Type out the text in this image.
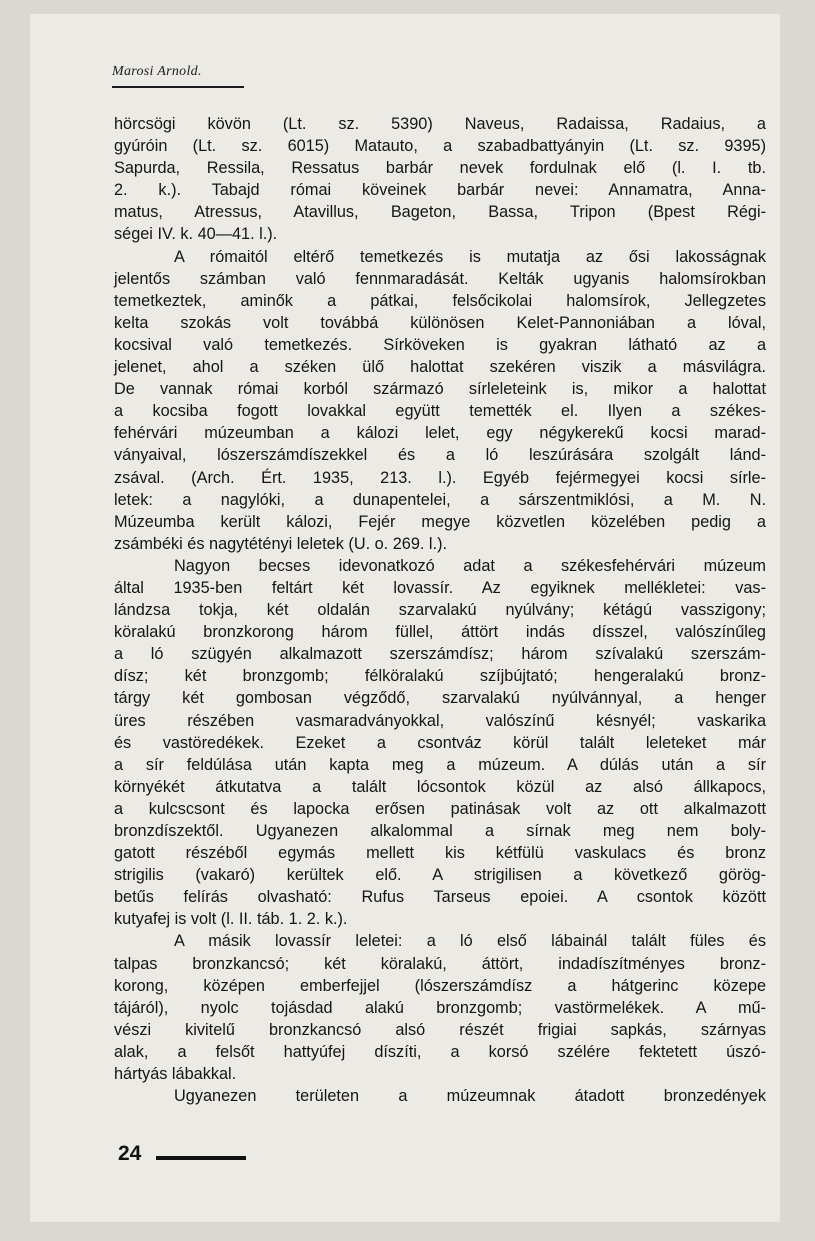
Marosi Arnold.

hörcsögi kövön (Lt. sz. 5390) Naveus, Radaissa, Radaius, a
gyúróin (Lt. sz. 6015) Matauto, a szabadbattyányin (Lt. sz. 9395)
Sapurda, Ressila, Ressatus barbár nevek fordulnak elő (l. I. tb.
2. k.). Tabajd római köveinek barbár nevei: Annamatra, Anna-
matus, Atressus, Atavillus, Bageton, Bassa, Tripon (Bpest Régi-
ségei IV. k. 40—41. l.).

A rómaitól eltérő temetkezés is mutatja az ősi lakosságnak
jelentős számban való fennmaradását. Kelták ugyanis halomsírokban
temetkeztek, aminők a pátkai, felsőcikolai halomsírok, Jellegzetes
kelta szokás volt továbbá különösen Kelet-Pannoniában a lóval,
kocsival való temetkezés. Sírköveken is gyakran látható az a
jelenet, ahol a széken ülő halottat szekéren viszik a másvilágra.
De vannak római korból származó sírleleteink is, mikor a halottat
a kocsiba fogott lovakkal együtt temették el. Ilyen a székes-
fehérvári múzeumban a kálozi lelet, egy négykerekű kocsi marad-
ványaival, lószerszámdíszekkel és a ló leszúrására szolgált lánd-
zsával. (Arch. Ért. 1935, 213. l.). Egyéb fejérmegyei kocsi sírle-
letek: a nagylóki, a dunapentelei, a sárszentmiklósi, a M. N.
Múzeumba került kálozi, Fejér megye közvetlen közelében pedig a
zsámbéki és nagytétényi leletek (U. o. 269. l.).

Nagyon becses idevonatkozó adat a székesfehérvári múzeum
által 1935-ben feltárt két lovassír. Az egyiknek mellékletei: vas-
lándzsa tokja, két oldalán szarvalakú nyúlvány; kétágú vasszigony;
köralakú bronzkorong három füllel, áttört indás dísszel, valószínűleg
a ló szügyén alkalmazott szerszámdísz; három szívalakú szerszám-
dísz; két bronzgomb; félköralakú szíjbújtató; hengeralakú bronz-
tárgy két gombosan végződő, szarvalakú nyúlvánnyal, a henger
üres részében vasmaradványokkal, valószínű késnyél; vaskarika
és vastöredékek. Ezeket a csontváz körül talált leleteket már
a sír feldúlása után kapta meg a múzeum. A dúlás után a sír
környékét átkutatva a talált lócsontok közül az alsó állkapocs,
a kulcscsont és lapocka erősen patinásak volt az ott alkalmazott
bronzdíszektől. Ugyanezen alkalommal a sírnak meg nem boly-
gatott részéből egymás mellett kis kétfülü vaskulacs és bronz
strigilis (vakaró) kerültek elő. A strigilisen a következő görög-
betűs felírás olvasható: Rufus Tarseus epoiei. A csontok között
kutyafej is volt (l. II. táb. 1. 2. k.).

A másik lovassír leletei: a ló első lábainál talált füles és
talpas bronzkancsó; két köralakú, áttört, indadíszítményes bronz-
korong, középen emberfejjel (lószerszámdísz a hátgerinc közepe
tájáról), nyolc tojásdad alakú bronzgomb; vastörmelékek. A mű-
vészi kivitelű bronzkancsó alsó részét frigiai sapkás, szárnyas
alak, a felsőt hattyúfej díszíti, a korsó szélére fektetett úszó-
hártyás lábakkal.

Ugyanezen területen a múzeumnak átadott bronzedények

24
